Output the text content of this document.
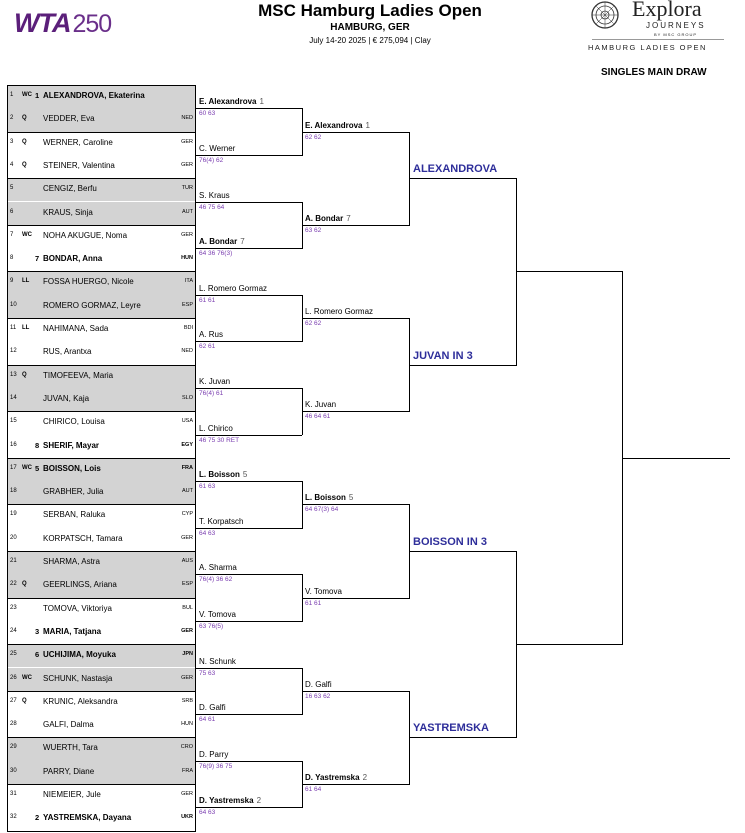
WTA250	MSC Hamburg Ladies Open
HAMBURG, GER
July 14-20 2025 | € 275,094 | Clay
Explora
JOURNEYS
BY MSC GROUP
HAMBURG LADIES OPEN
SINGLES MAIN DRAW
1 WC 1 ALEXANDROVA, Ekaterina
2 Q VEDDER, Eva	NED
3 Q WERNER, Caroline	GER
4 Q STEINER, Valentina	GER
5	CENGIZ, Berfu	TUR
6	KRAUS, Sinja	AUT
7 WC NOHA AKUGUE, Noma	GER
8	7 BONDAR, Anna	HUN
9 LL FOSSA HUERGO, Nicole	ITA
10	ROMERO GORMAZ, Leyre	ESP
11 LL NAHIMANA, Sada	BDI
12	RUS, Arantxa	NED
13 Q TIMOFEEVA, Maria
14	JUVAN, Kaja	SLO
15	CHIRICO, Louisa	USA
16 8 SHERIF, Mayar	EGY
17 WC 5 BOISSON, Lois	FRA
18	GRABHER, Julia	AUT
19	SERBAN, Raluka	CYP
20	KORPATSCH, Tamara	GER
21	SHARMA, Astra	AUS
22 Q GEERLINGS, Ariana	ESP
23	TOMOVA, Viktoriya	BUL
24 3 MARIA, Tatjana	GER
25 6 UCHIJIMA, Moyuka	JPN
26 WC SCHUNK, Nastasja	GER
27 Q KRUNIC, Aleksandra	SRB
28	GALFI, Dalma	HUN
29	WUERTH, Tara	CRO
30	PARRY, Diane	FRA
31	NIEMEIER, Jule	GER
32 2 YASTREMSKA, Dayana	UKR
E. Alexandrova 1
60 63
C. Werner
76(4) 62
S. Kraus
46 75 64
A. Bondar 7
64 36 76(3)
L. Romero Gormaz
61 61
A. Rus
62 61
K. Juvan
76(4) 61
L. Chirico
46 75 30 RET
L. Boisson 5
61 63
T. Korpatsch
64 63
A. Sharma
76(4) 36 62
V. Tomova
63 76(5)
N. Schunk
75 63
D. Galfi
64 61
D. Parry
76(9) 36 75
D. Yastremska 2
64 63
E. Alexandrova 1
62 62
A. Bondar 7
63 62
L. Romero Gormaz
62 62
K. Juvan
46 64 61
L. Boisson 5
64 67(3) 64
V. Tomova
61 61
D. Galfi
16 63 62
D. Yastremska 2
61 64
ALEXANDROVA
JUVAN IN 3
BOISSON IN 3
YASTREMSKA
